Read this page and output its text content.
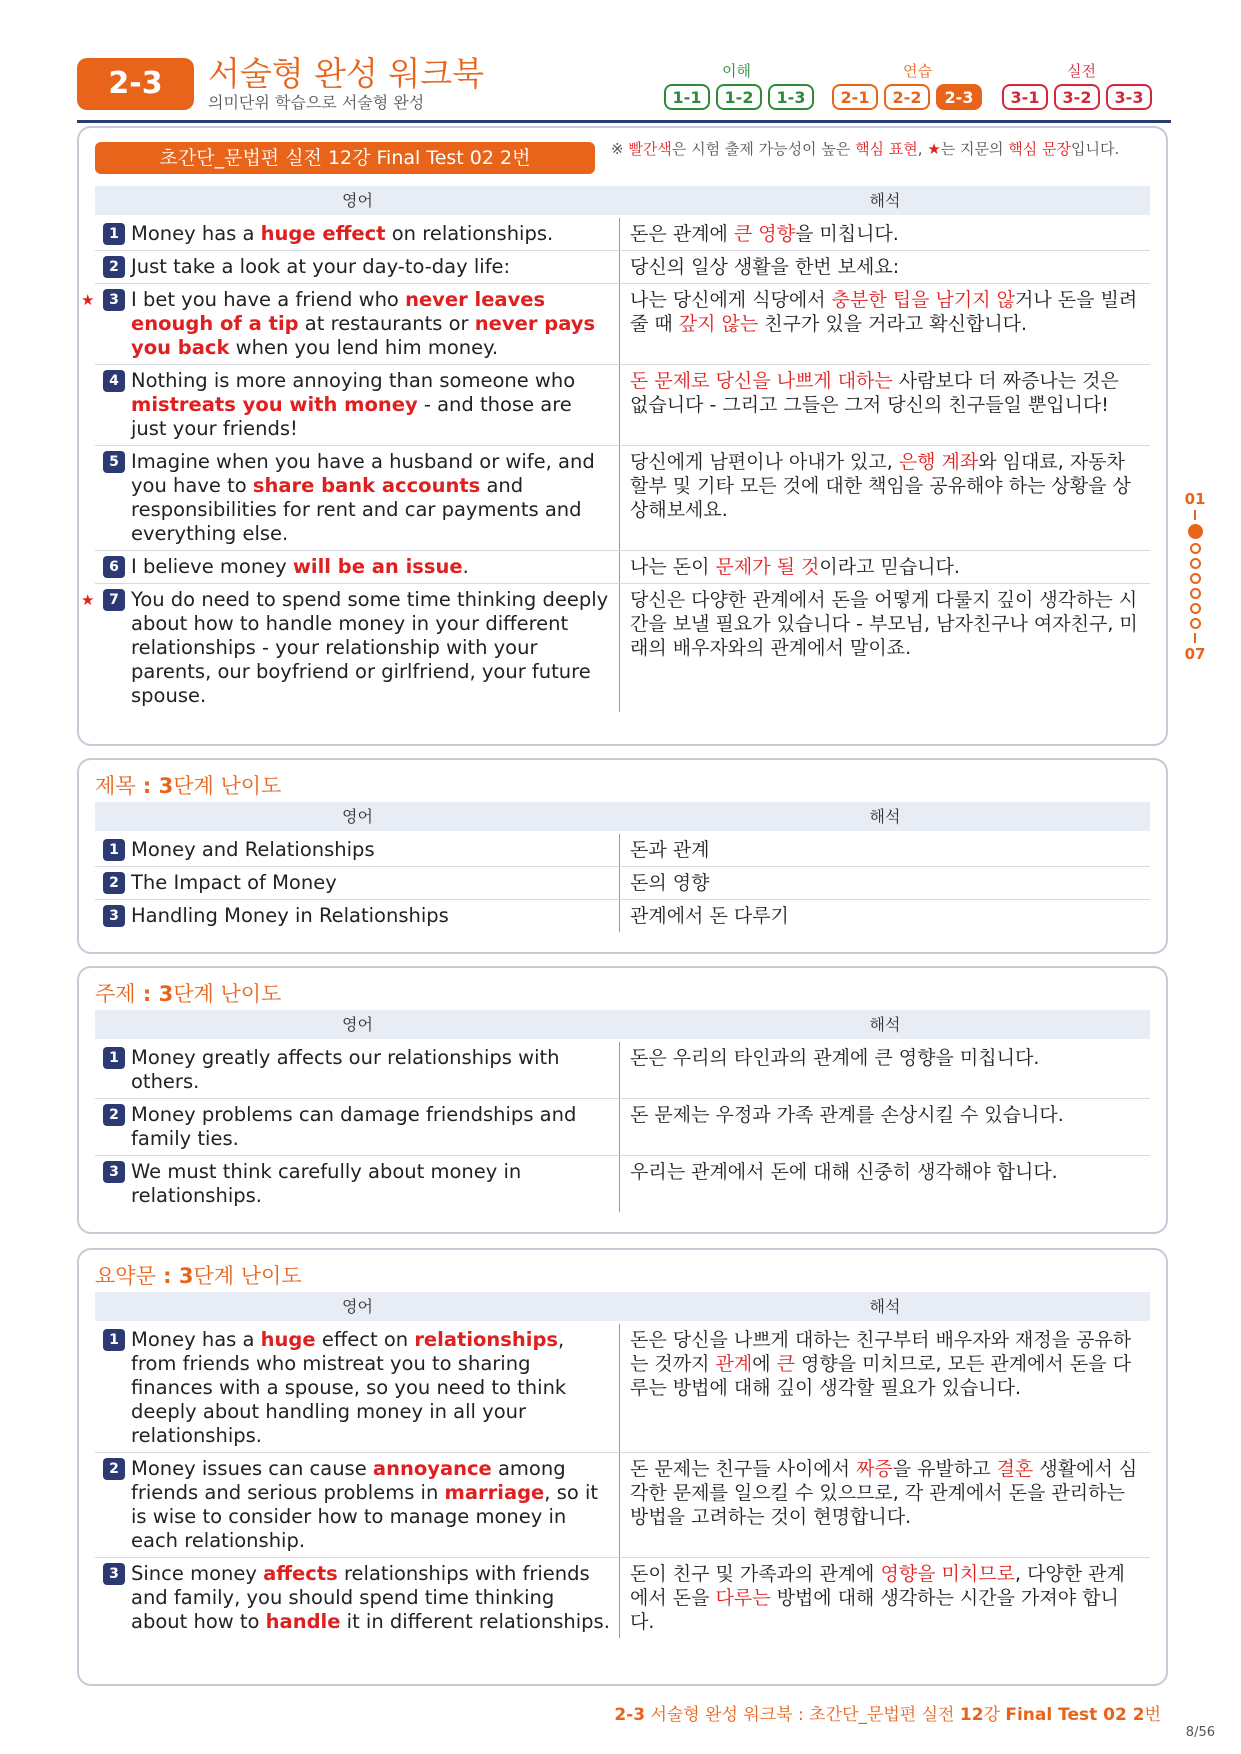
2-3	서술형 완성 워크북
의미단위 학습으로 서술형 완성
이해	연습	실전
1-1	1-2	1-3	2-1	2-2	2-3	3-1	3-2	3-3
초간단_문법편 실전 12강 Final Test 02 2번	※ 빨간색은 시험 출제 가능성이 높은 핵심 표현, ★는 지문의 핵심 문장입니다.
영어	해석
1 Money has a huge effect on relationships.	돈은 관계에 큰 영향을 미칩니다.
2 Just take a look at your day-to-day life:	당신의 일상 생활을 한번 보세요:
★	3 I bet you have a friend who never leaves enough of a tip at restaurants or never pays you back when you lend him money.
나는 당신에게 식당에서 충분한 팁을 남기지 않거나 돈을 빌려줄 때 갚지 않는 친구가 있을 거라고 확신합니다.
4 Nothing is more annoying than someone who mistreats you with money - and those are just your friends!
돈 문제로 당신을 나쁘게 대하는 사람보다 더 짜증나는 것은 없습니다 - 그리고 그들은 그저 당신의 친구들일 뿐입니다!
5 Imagine when you have a husband or wife, and you have to share bank accounts and responsibilities for rent and car payments and everything else.
당신에게 남편이나 아내가 있고, 은행 계좌와 임대료, 자동차 할부 및 기타 모든 것에 대한 책임을 공유해야 하는 상황을 상상해보세요.
6 I believe money will be an issue.	나는 돈이 문제가 될 것이라고 믿습니다.
★	7 You do need to spend some time thinking deeply about how to handle money in your different relationships - your relationship with your parents, our boyfriend or girlfriend, your future spouse.
당신은 다양한 관계에서 돈을 어떻게 다룰지 깊이 생각하는 시간을 보낼 필요가 있습니다 - 부모님, 남자친구나 여자친구, 미래의 배우자와의 관계에서 말이죠.
제목 : 3단계 난이도
영어	해석
1 Money and Relationships	돈과 관계
2 The Impact of Money	돈의 영향
3 Handling Money in Relationships	관계에서 돈 다루기
주제 : 3단계 난이도
영어	해석
1 Money greatly affects our relationships with others.
돈은 우리의 타인과의 관계에 큰 영향을 미칩니다.
2 Money problems can damage friendships and family ties.
돈 문제는 우정과 가족 관계를 손상시킬 수 있습니다.
3 We must think carefully about money in relationships.
우리는 관계에서 돈에 대해 신중히 생각해야 합니다.
요약문 : 3단계 난이도
영어	해석
1 Money has a huge effect on relationships, from friends who mistreat you to sharing finances with a spouse, so you need to think deeply about handling money in all your relationships.
돈은 당신을 나쁘게 대하는 친구부터 배우자와 재정을 공유하는 것까지 관계에 큰 영향을 미치므로, 모든 관계에서 돈을 다루는 방법에 대해 깊이 생각할 필요가 있습니다.
2 Money issues can cause annoyance among friends and serious problems in marriage, so it is wise to consider how to manage money in each relationship.
돈 문제는 친구들 사이에서 짜증을 유발하고 결혼 생활에서 심각한 문제를 일으킬 수 있으므로, 각 관계에서 돈을 관리하는 방법을 고려하는 것이 현명합니다.
3 Since money affects relationships with friends and family, you should spend time thinking about how to handle it in different relationships.
돈이 친구 및 가족과의 관계에 영향을 미치므로, 다양한 관계에서 돈을 다루는 방법에 대해 생각하는 시간을 가져야 합니다.
01
07
2-3 서술형 완성 워크북 : 초간단_문법편 실전 12강 Final Test 02 2번
8/56
